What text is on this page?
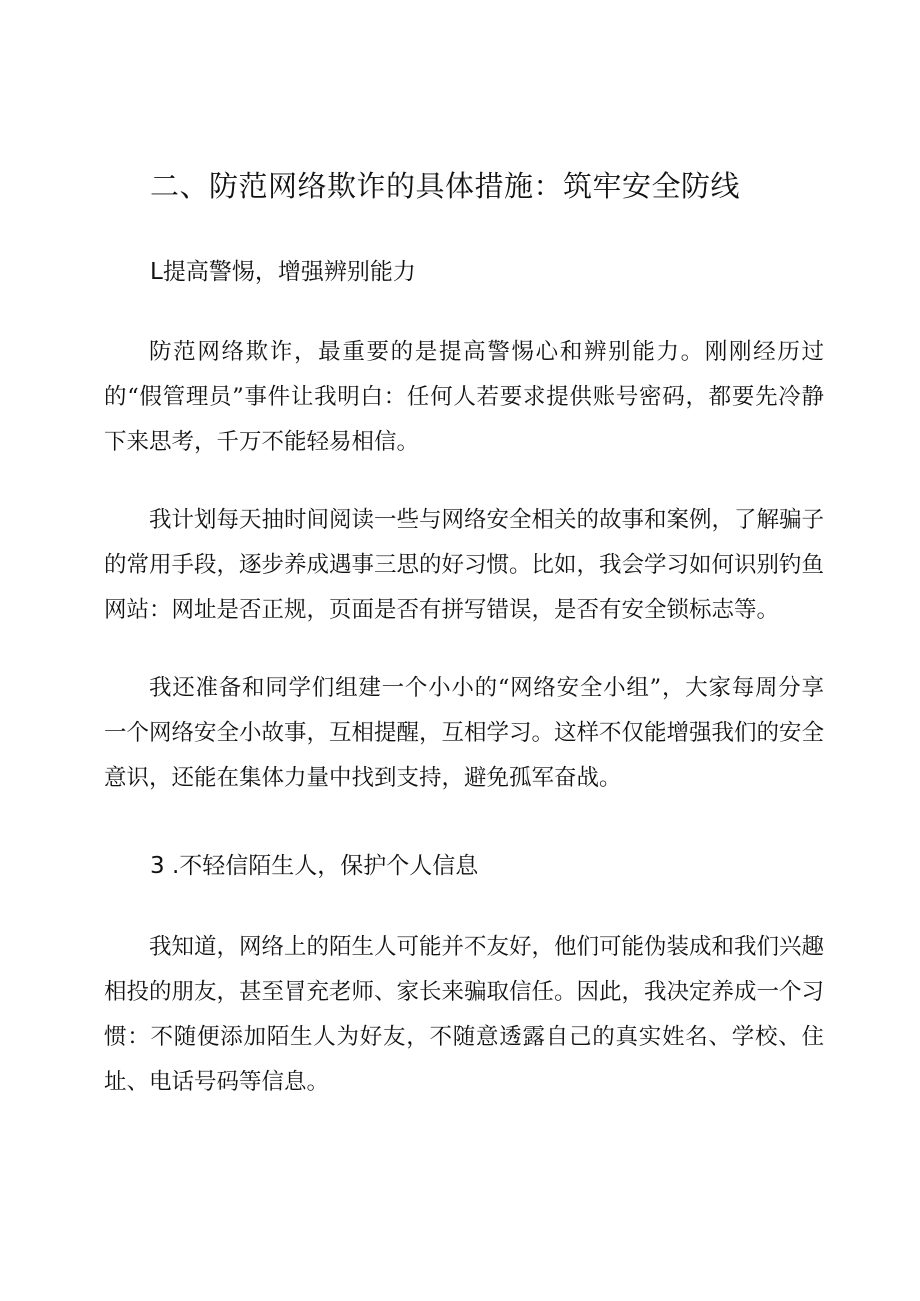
二、防范网络欺诈的具体措施：筑牢安全防线
L提高警惕，增强辨别能力

防范网络欺诈，最重要的是提高警惕心和辨别能力。刚刚经历过的“假管理员”事件让我明白：任何人若要求提供账号密码，都要先冷静下来思考，千万不能轻易相信。

我计划每天抽时间阅读一些与网络安全相关的故事和案例，了解骗子的常用手段，逐步养成遇事三思的好习惯。比如，我会学习如何识别钓鱼网站：网址是否正规，页面是否有拼写错误，是否有安全锁标志等。

我还准备和同学们组建一个小小的“网络安全小组”，大家每周分享一个网络安全小故事，互相提醒，互相学习。这样不仅能增强我们的安全意识，还能在集体力量中找到支持，避免孤军奋战。

3 .不轻信陌生人，保护个人信息

我知道，网络上的陌生人可能并不友好，他们可能伪装成和我们兴趣相投的朋友，甚至冒充老师、家长来骗取信任。因此，我决定养成一个习惯：不随便添加陌生人为好友，不随意透露自己的真实姓名、学校、住址、电话号码等信息。
